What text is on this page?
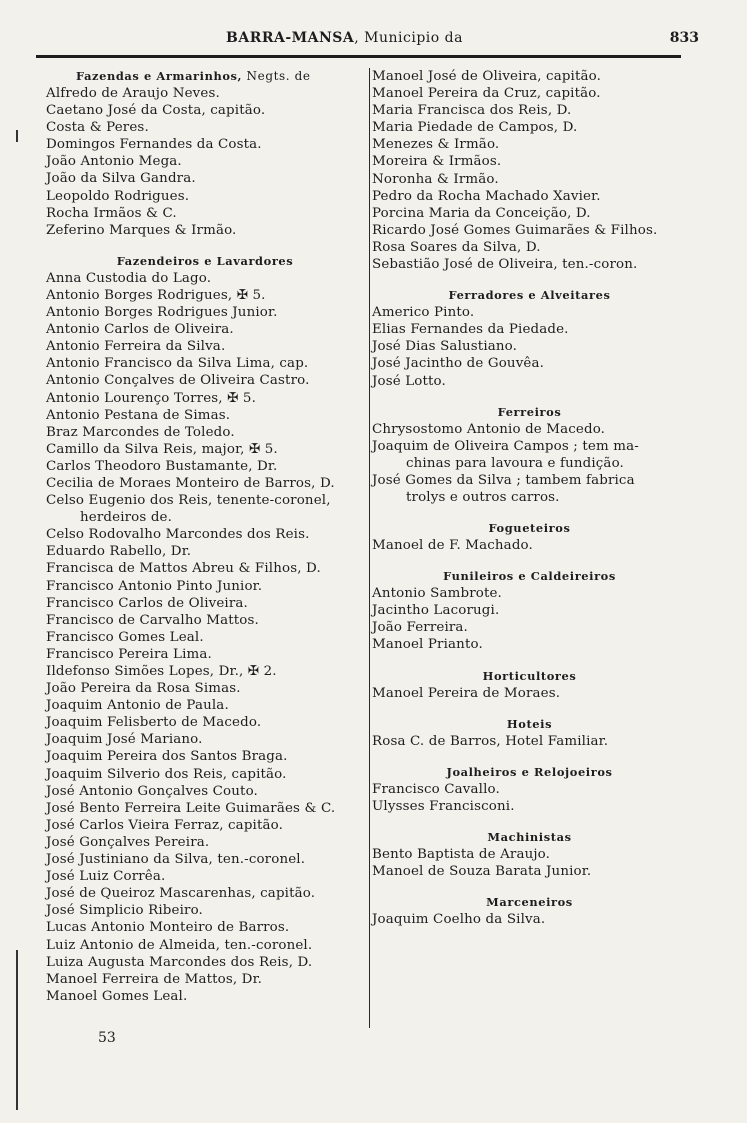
BARRA-MANSA, Municipio da	833
Fazendas e Armarinhos, Negts. de
Alfredo de Araujo Neves.
Caetano José da Costa, capitão.
Costa & Peres.
Domingos Fernandes da Costa.
João Antonio Mega.
João da Silva Gandra.
Leopoldo Rodrigues.
Rocha Irmãos & C.
Zeferino Marques & Irmão.
Fazendeiros e Lavardores
Anna Custodia do Lago.
Antonio Borges Rodrigues, ✠ 5.
Antonio Borges Rodrigues Junior.
Antonio Carlos de Oliveira.
Antonio Ferreira da Silva.
Antonio Francisco da Silva Lima, cap.
Antonio Conçalves de Oliveira Castro.
Antonio Lourenço Torres, ✠ 5.
Antonio Pestana de Simas.
Braz Marcondes de Toledo.
Camillo da Silva Reis, major, ✠ 5.
Carlos Theodoro Bustamante, Dr.
Cecilia de Moraes Monteiro de Barros, D.
Celso Eugenio dos Reis, tenente-coronel,
herdeiros de.
Celso Rodovalho Marcondes dos Reis.
Eduardo Rabello, Dr.
Francisca de Mattos Abreu & Filhos, D.
Francisco Antonio Pinto Junior.
Francisco Carlos de Oliveira.
Francisco de Carvalho Mattos.
Francisco Gomes Leal.
Francisco Pereira Lima.
Ildefonso Simões Lopes, Dr., ✠ 2.
João Pereira da Rosa Simas.
Joaquim Antonio de Paula.
Joaquim Felisberto de Macedo.
Joaquim José Mariano.
Joaquim Pereira dos Santos Braga.
Joaquim Silverio dos Reis, capitão.
José Antonio Gonçalves Couto.
José Bento Ferreira Leite Guimarães & C.
José Carlos Vieira Ferraz, capitão.
José Gonçalves Pereira.
José Justiniano da Silva, ten.-coronel.
José Luiz Corrêa.
José de Queiroz Mascarenhas, capitão.
José Simplicio Ribeiro.
Lucas Antonio Monteiro de Barros.
Luiz Antonio de Almeida, ten.-coronel.
Luiza Augusta Marcondes dos Reis, D.
Manoel Ferreira de Mattos, Dr.
Manoel Gomes Leal.
Manoel José de Oliveira, capitão.
Manoel Pereira da Cruz, capitão.
Maria Francisca dos Reis, D.
Maria Piedade de Campos, D.
Menezes & Irmão.
Moreira & Irmãos.
Noronha & Irmão.
Pedro da Rocha Machado Xavier.
Porcina Maria da Conceição, D.
Ricardo José Gomes Guimarães & Filhos.
Rosa Soares da Silva, D.
Sebastião José de Oliveira, ten.-coron.
Ferradores e Alveitares
Americo Pinto.
Elias Fernandes da Piedade.
José Dias Salustiano.
José Jacintho de Gouvêa.
José Lotto.
Ferreiros
Chrysostomo Antonio de Macedo.
Joaquim de Oliveira Campos ; tem ma-
chinas para lavoura e fundição.
José Gomes da Silva ; tambem fabrica
trolys e outros carros.
Fogueteiros
Manoel de F. Machado.
Funileiros e Caldeireiros
Antonio Sambrote.
Jacintho Lacorugi.
João Ferreira.
Manoel Prianto.
Horticultores
Manoel Pereira de Moraes.
Hoteis
Rosa C. de Barros, Hotel Familiar.
Joalheiros e Relojoeiros
Francisco Cavallo.
Ulysses Francisconi.
Machinistas
Bento Baptista de Araujo.
Manoel de Souza Barata Junior.
Marceneiros
Joaquim Coelho da Silva.
53
